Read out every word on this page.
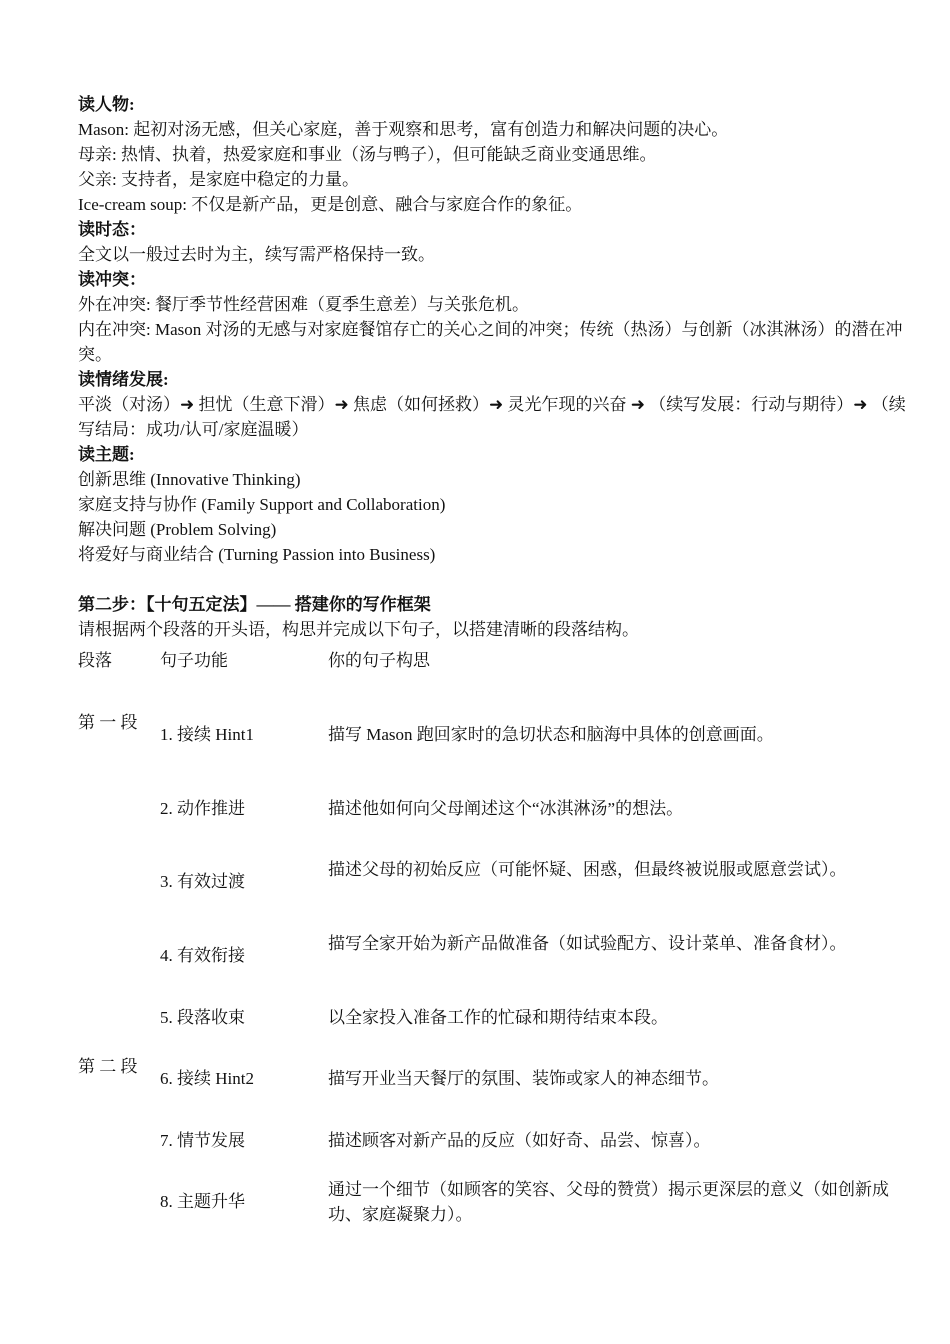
读人物:
Mason: 起初对汤无感，但关心家庭，善于观察和思考，富有创造力和解决问题的决心。
母亲: 热情、执着，热爱家庭和事业（汤与鸭子），但可能缺乏商业变通思维。
父亲: 支持者，是家庭中稳定的力量。
Ice-cream soup: 不仅是新产品，更是创意、融合与家庭合作的象征。
读时态：
全文以一般过去时为主，续写需严格保持一致。
读冲突：
外在冲突: 餐厅季节性经营困难（夏季生意差）与关张危机。
内在冲突: Mason 对汤的无感与对家庭餐馆存亡的关心之间的冲突；传统（热汤）与创新（冰淇淋汤）的潜在冲突。
读情绪发展:
平淡（对汤）➜ 担忧（生意下滑）➜ 焦虑（如何拯救）➜ 灵光乍现的兴奋 ➜ （续写发展：行动与期待）➜ （续写结局：成功/认可/家庭温暖）
读主题:
创新思维 (Innovative Thinking)
家庭支持与协作 (Family Support and Collaboration)
解决问题 (Problem Solving)
将爱好与商业结合 (Turning Passion into Business)
第二步：【十句五定法】—— 搭建你的写作框架
请根据两个段落的开头语，构思并完成以下句子，以搭建清晰的段落结构。
段落	句子功能	你的句子构思
第 一 段	1. 接续 Hint1	描写 Mason 跑回家时的急切状态和脑海中具体的创意画面。
	2. 动作推进	描述他如何向父母阐述这个“冰淇淋汤”的想法。
	3. 有效过渡	描述父母的初始反应（可能怀疑、困惑，但最终被说服或愿意尝试）。
	4. 有效衔接	描写全家开始为新产品做准备（如试验配方、设计菜单、准备食材）。
	5. 段落收束	以全家投入准备工作的忙碌和期待结束本段。
第 二 段	6. 接续 Hint2	描写开业当天餐厅的氛围、装饰或家人的神态细节。
	7. 情节发展	描述顾客对新产品的反应（如好奇、品尝、惊喜）。
	8. 主题升华	通过一个细节（如顾客的笑容、父母的赞赏）揭示更深层的意义（如创新成功、家庭凝聚力）。
